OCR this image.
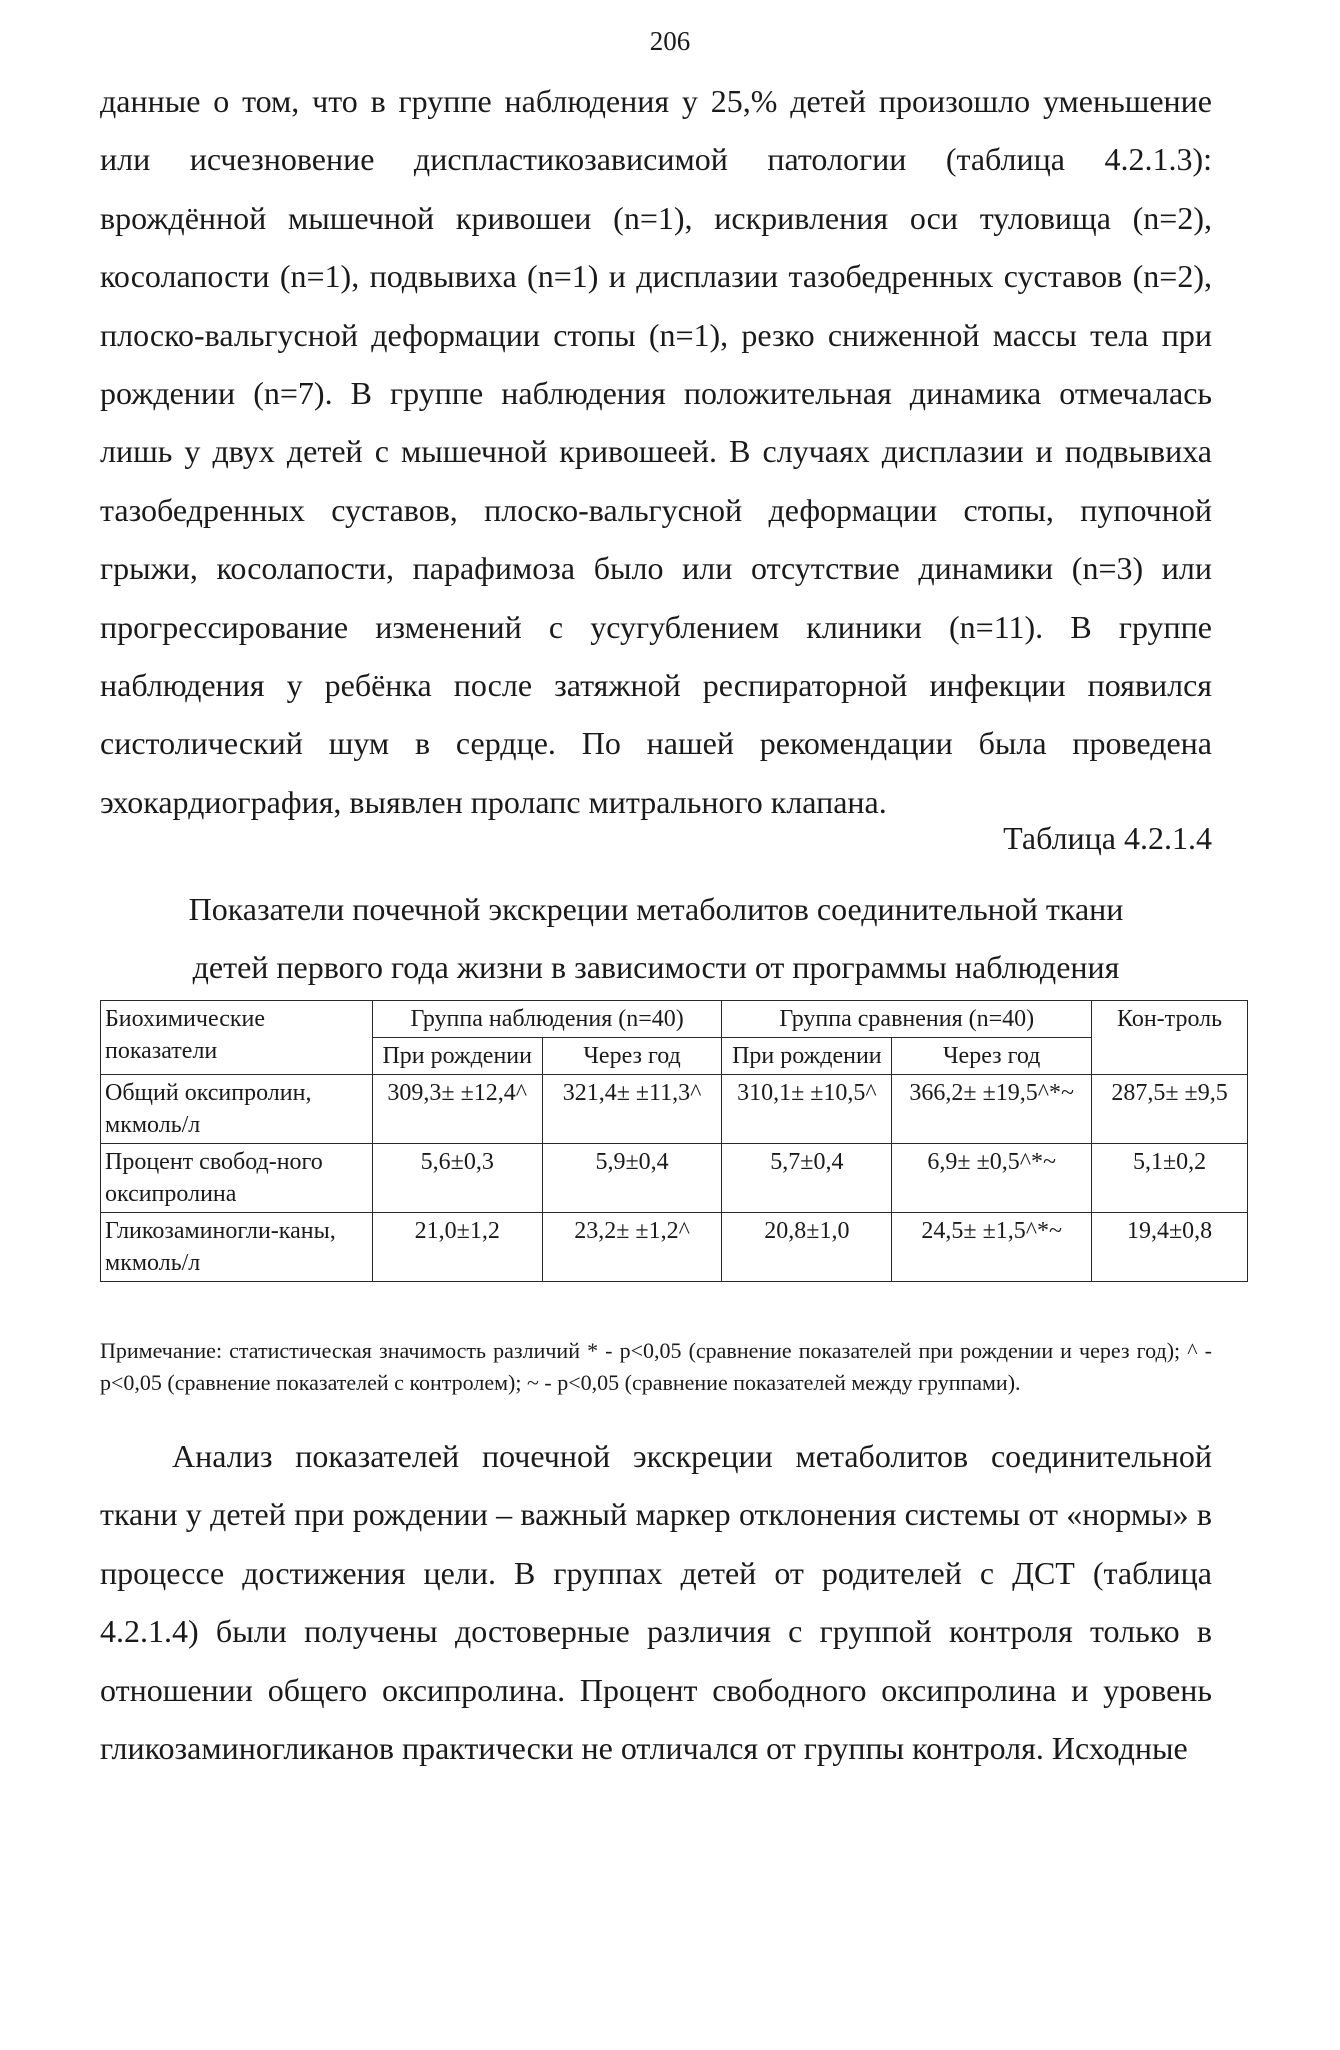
206

данные о том, что в группе наблюдения у 25,% детей произошло уменьшение или исчезновение диспластикозависимой патологии (таблица 4.2.1.3): врождённой мышечной кривошеи (n=1), искривления оси туловища (n=2), косолапости (n=1), подвывиха (n=1) и дисплазии тазобедренных суставов (n=2), плоско-вальгусной деформации стопы (n=1), резко сниженной массы тела при рождении (n=7). В группе наблюдения положительная динамика отмечалась лишь у двух детей с мышечной кривошеей. В случаях дисплазии и подвывиха тазобедренных суставов, плоско-вальгусной деформации стопы, пупочной грыжи, косолапости, парафимоза было или отсутствие динамики (n=3) или прогрессирование изменений с усугублением клиники (n=11). В группе наблюдения у ребёнка после затяжной респираторной инфекции появился систолический шум в сердце. По нашей рекомендации была проведена эхокардиография, выявлен пролапс митрального клапана.

Таблица 4.2.1.4
Показатели почечной экскреции метаболитов соединительной ткани
детей первого года жизни в зависимости от программы наблюдения
Биохимические показатели	Группа наблюдения (n=40)		Группа сравнения (n=40)		Кон-троль
	При рождении	Через год	При рождении	Через год	
Общий оксипролин, мкмоль/л	309,3± ±12,4^	321,4± ±11,3^	310,1± ±10,5^	366,2± ±19,5^*~	287,5± ±9,5
Процент свобод-ного оксипролина	5,6±0,3	5,9±0,4	5,7±0,4	6,9± ±0,5^*~	5,1±0,2
Гликозаминогли-каны, мкмоль/л	21,0±1,2	23,2± ±1,2^	20,8±1,0	24,5± ±1,5^*~	19,4±0,8

Примечание: статистическая значимость различий * - p<0,05 (сравнение показателей при рождении и через год); ^ - p<0,05 (сравнение показателей с контролем); ~ - p<0,05 (сравнение показателей между группами).

Анализ показателей почечной экскреции метаболитов соединительной ткани у детей при рождении – важный маркер отклонения системы от «нормы» в процессе достижения цели. В группах детей от родителей с ДСТ (таблица 4.2.1.4) были получены достоверные различия с группой контроля только в отношении общего оксипролина. Процент свободного оксипролина и уровень гликозаминогликанов практически не отличался от группы контроля. Исходные
